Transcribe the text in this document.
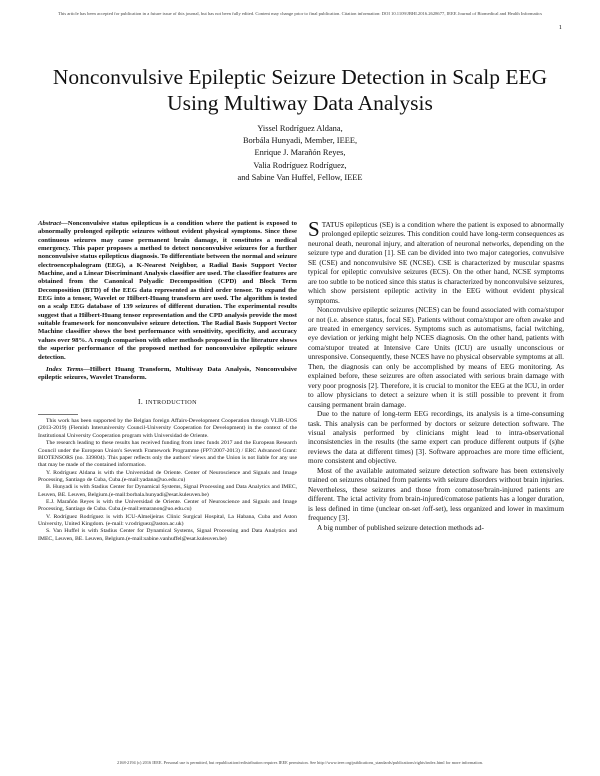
This article has been accepted for publication in a future issue of this journal, but has not been fully edited. Content may change prior to final publication. Citation information: DOI 10.1109/JBHI.2016.2628677, IEEE Journal of Biomedical and Health Informatics
1
Nonconvulsive Epileptic Seizure Detection in Scalp EEG Using Multiway Data Analysis
Yissel Rodríguez Aldana,
Borbála Hunyadi, Member, IEEE,
Enrique J. Marañón Reyes,
Valia Rodríguez Rodríguez,
and Sabine Van Huffel, Fellow, IEEE

Abstract—Nonconvulsive status epilepticus is a condition where the patient is exposed to abnormally prolonged epileptic seizures without evident physical symptoms. Since these continuous seizures may cause permanent brain damage, it constitutes a medical emergency. This paper proposes a method to detect nonconvulsive seizures for a further nonconvulsive status epilepticus diagnosis. To differentiate between the normal and seizure electroencephalogram (EEG), a K-Nearest Neighbor, a Radial Basis Support Vector Machine, and a Linear Discriminant Analysis classifier are used. The classifier features are obtained from the Canonical Polyadic Decomposition (CPD) and Block Term Decomposition (BTD) of the EEG data represented as third order tensor. To expand the EEG into a tensor, Wavelet or Hilbert-Huang transform are used. The algorithm is tested on a scalp EEG database of 139 seizures of different duration. The experimental results suggest that a Hilbert-Huang tensor representation and the CPD analysis provide the most suitable framework for nonconvulsive seizure detection. The Radial Basis Support Vector Machine classifier shows the best performance with sensitivity, specificity, and accuracy values over 98%. A rough comparison with other methods proposed in the literature shows the superior performance of the proposed method for nonconvulsive epileptic seizure detection.

Index Terms—Hilbert Huang Transform, Multiway Data Analysis, Nonconvulsive epileptic seizures, Wavelet Transform.

I. INTRODUCTION

This work has been supported by the Belgian foreign Affairs-Development Cooperation through VLIR-UOS (2013-2019) (Flemish Interuniversity Council-University Cooperation for Development) in the context of the Institutional University Cooperation program with Universidad de Oriente.

The research leading to these results has received funding from imec funds 2017 and the European Research Council under the European Union's Seventh Framework Programme (FP7/2007-2013) / ERC Advanced Grant: BIOTENSORS (no. 339804). This paper reflects only the authors' views and the Union is not liable for any use that may be made of the contained information.

Y. Rodríguez Aldana is with the Universidad de Oriente. Center of Neuroscience and Signals and Image Processing, Santiago de Cuba, Cuba.(e-mail:yadana@uo.edu.cu)

B. Hunyadi is with Stadius Center for Dynamical Systems, Signal Processing and Data Analytics and IMEC, Leuven, BE. Leuven, Belgium.(e-mail:borbala.hunyadi@esat.kuleuven.be)

E.J. Marañón Reyes is with the Universidad de Oriente. Center of Neuroscience and Signals and Image Processing, Santiago de Cuba. Cuba.(e-mail:emaranon@uo.edu.cu)

V. Rodríguez Rodríguez is with ICU-Almeijeiras Clinic Surgical Hospital, La Habana, Cuba and Aston University, United Kingdom. (e-mail: v.rodriguez@aston.ac.uk)

S. Van Huffel is with Stadius Center for Dynamical Systems, Signal Processing and Data Analytics and IMEC, Leuven, BE. Leuven, Belgium.(e-mail:sabine.vanhuffel@esat.kuleuven.be)

STATUS epilepticus (SE) is a condition where the patient is exposed to abnormally prolonged epileptic seizures. This condition could have long-term consequences as neuronal death, neuronal injury, and alteration of neuronal networks, depending on the seizure type and duration [1]. SE can be divided into two major categories, convulsive SE (CSE) and nonconvulsive SE (NCSE). CSE is characterized by muscular spasms typical for epileptic convulsive seizures (ECS). On the other hand, NCSE symptoms are too subtle to be noticed since this status is characterized by nonconvulsive seizures, which show persistent epileptic activity in the EEG without evident physical symptoms.

Nonconvulsive epileptic seizures (NCES) can be found associated with coma/stupor or not (i.e. absence status, focal SE). Patients without coma/stupor are often awake and are treated in emergency services. Symptoms such as automatisms, facial twitching, eye deviation or jerking might help NCES diagnosis. On the other hand, patients with coma/stupor treated at Intensive Care Units (ICU) are usually unconscious or unresponsive. Consequently, these NCES have no physical observable symptoms at all. Then, the diagnosis can only be accomplished by means of EEG monitoring. As explained before, these seizures are often associated with serious brain damage with very poor prognosis [2]. Therefore, it is crucial to monitor the EEG at the ICU, in order to allow physicians to detect a seizure when it is still possible to prevent it from causing permanent brain damage.

Due to the nature of long-term EEG recordings, its analysis is a time-consuming task. This analysis can be performed by doctors or seizure detection software. The visual analysis performed by clinicians might lead to intra-observational inconsistencies in the results (the same expert can produce different outputs if (s)he reviews the data at different times) [3]. Software approaches are more time efficient, more consistent and objective.

Most of the available automated seizure detection software has been extensively trained on seizures obtained from patients with seizure disorders without brain injuries. Nevertheless, these seizures and those from comatose/brain-injured patients are different. The ictal activity from brain-injured/comatose patients has a longer duration, is less defined in time (unclear on-set /off-set), less organized and lower in maximum frequency [3].

A big number of published seizure detection methods ad-

2168-2194 (c) 2016 IEEE. Personal use is permitted, but republication/redistribution requires IEEE permission. See http://www.ieee.org/publications_standards/publications/rights/index.html for more information.
